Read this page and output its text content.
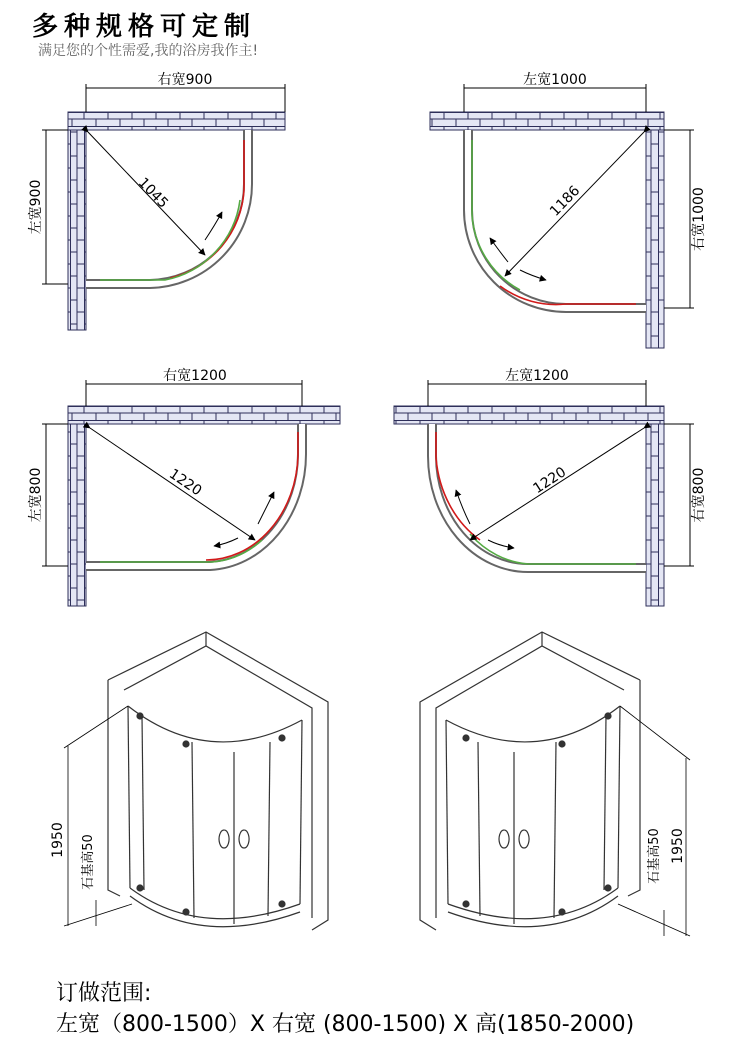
多种规格可定制
满足您的个性需爱,我的浴房我作主!
右宽900
左宽900	1045
左宽1000
右宽1000
1186
右宽1200
左宽800	1220
左宽1200
右宽800
1220
1950 石基高50	1950
石基高50
订做范围:
左宽（800-1500）X 右宽 (800-1500) X 高(1850-2000)
